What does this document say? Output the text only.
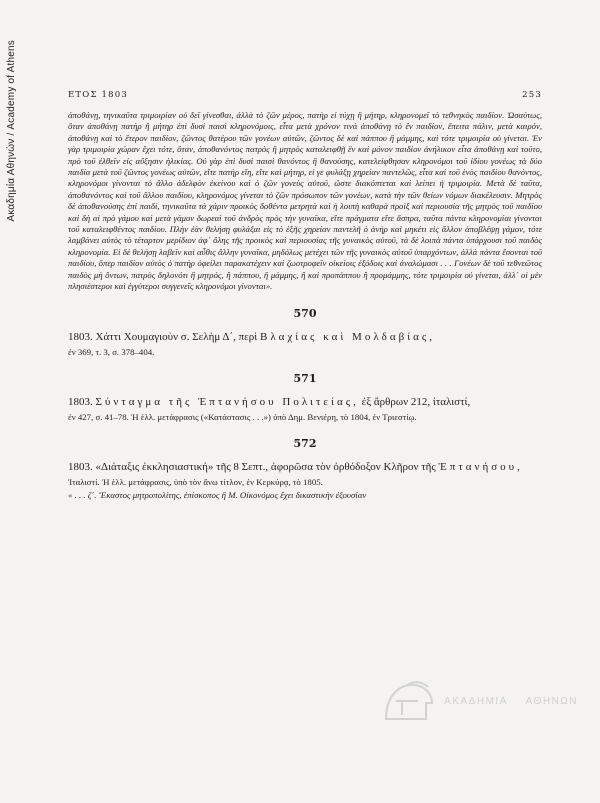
Ακαδημία Αθηνών / Academy of Athens	ΕΤΟΣ 1803	253

ἀποθάνῃ, τηνικαῦτα τριμοιρίαν οὐ δεῖ γίνεσθαι, ἀλλὰ τὸ ζῶν μέρος, πατὴρ εἰ τύχῃ ἢ μήτηρ, κληρονομεῖ τὸ τεθνηκὸς παιδίον. Ὡσαύτως, ὅταν ἀποθάνῃ πατὴρ ἢ μήτηρ ἐπὶ δυσὶ παισὶ κληρονόμοις, εἶτα μετὰ χρόνον τινὰ ἀποθάνῃ τὸ ἓν παιδίον, ἔπειτα πάλιν, μετὰ καιρόν, ἀποθάνῃ καὶ τὸ ἕτερον παιδίον, ζῶντος θατέρου τῶν γονέων αὐτῶν, ζῶντος δὲ καὶ πάππου ἢ μάμμης, καὶ τότε τριμοιρία οὐ γίνεται. Ἐν γὰρ τριμοιρία χώραν ἔχει τότε, ὅταν, ἀποθανόντος πατρὸς ἢ μητρὸς καταλειφθῇ ἓν καὶ μόνον παιδίον ἀνήλικον εἶτα ἀποθάνῃ καὶ τοῦτο, πρὸ τοῦ ἐλθεῖν εἰς αὔξησιν ἡλικίας. Οὐ γὰρ ἐπὶ δυσὶ παισὶ θανόντος ἢ θανούσης, κατελείφθησαν κληρονόμοι τοῦ ἰδίου γονέως τὰ δύο παιδία μετὰ τοῦ ζῶντος γονέως αὐτῶν, εἴτε πατὴρ εἴη, εἴτε καὶ μήτηρ, εἰ γε φυλάξῃ χηρείαν παντελῶς, εἶτα καὶ τοῦ ἑνὸς παιδίου θανόντος, κληρονόμοι γίνονται τὸ ἄλλο ἀδελφὸν ἐκείνου καὶ ὁ ζῶν γονεὺς αὐτοῦ, ὥστε διακόπτεται καὶ λείπει ἡ τριμοιρία. Μετὰ δὲ ταῦτα, ἀποθανόντος καὶ τοῦ ἄλλου παιδίου, κληρονόμος γίνεται τὸ ζῶν πρόσωπον τῶν γονέων, κατὰ τὴν τῶν θείων νόμων διακέλευσιν. Μητρὸς δὲ ἀποθανούσης ἐπὶ παιδί, τηνικαῦτα τὰ χάριν προικὸς δοθέντα μετρητὰ καὶ ἡ λοιπὴ καθαρὰ προὶξ καὶ περιουσία τῆς μητρὸς τοῦ παιδίου καὶ δὴ αἱ πρὸ γάμου καὶ μετὰ γάμον δωρεαὶ τοῦ ἀνδρὸς πρὸς τὴν γυναῖκα, εἴτε πράγματα εἴτε ἄσπρα, ταῦτα πάντα κληρονομίαι γίνονται τοῦ καταλειφθέντος παιδίου. Πλὴν ἐὰν θελήσῃ φυλάξαι εἰς τὸ ἑξῆς χηρείαν παντελῆ ὁ ἀνὴρ καὶ μηκέτι εἰς ἄλλον ἀποβλέψῃ γάμον, τότε λαμβάνει αὐτὸς τὸ τέταρτον μερίδιον ἀφ᾽ ὅλης τῆς προικὸς καὶ περιουσίας τῆς γυναικὸς αὐτοῦ, τὰ δὲ λοιπὰ πάντα ὑπάρχουσι τοῦ παιδὸς κληρονομία. Εἰ δὲ θελήσῃ λαβεῖν καὶ αὖθις ἄλλην γυναῖκα, μηδόλως μετέχει τῶν τῆς γυναικὸς αὐτοῦ ὑπαρχόντων, ἀλλὰ πάντα ἔσονται τοῦ παιδίου, ὅπερ παιδίον αὐτὸς ὁ πατὴρ ὀφείλει παρακατέχειν καὶ ζωοτροφεῖν οἰκείοις ἐξόδοις καὶ ἀναλώμασι . . . Γονέων δὲ τοῦ τεθνεῶτος παιδὸς μὴ ὄντων, πατρὸς δηλονότι ἢ μητρός, ἢ πάππου, ἢ μάμμης, ἢ καὶ προπάππου ἢ προμάμμης, τότε τριμοιρία οὐ γίνεται, ἀλλ᾽ οἱ μὲν πλησιέστεροι καὶ ἐγγύτεροι συγγενεῖς κληρονόμοι γίνονται».

570

1803. Χάττι Χουμαγιοὺν σ. Σελὴμ Δ΄, περὶ Βλαχίας καὶ Μολδαβίας,

ἐν 369, τ. 3, σ. 378–404.

571

1803. Σύνταγμα τῆς Ἑπτανήσου Πολιτείας, ἐξ ἄρθρων 212, ἰταλιστί,

ἐν 427, σ. 41–78. Ἡ ἑλλ. μετάφρασις («Κατάστασις . . .») ὑπὸ Δημ. Βενιέρη, τὸ 1804, ἐν Τριεστίῳ.

572

1803. «Διάταξις ἐκκλησιαστική» τῆς 8 Σεπτ., ἀφορῶσα τὸν ὀρθόδοξον Κλῆρον τῆς Ἑπτανήσου,

Ἰταλιστί. Ἡ ἑλλ. μετάφρασις, ὑπὸ τὸν ἄνω τίτλον, ἐν Κερκύρᾳ, τὸ 1805.

« . . . ζ΄. Ἕκαστος μητροπολίτης, ἐπίσκοπος ἢ Μ. Οἰκονόμος ἔχει δικαστικὴν ἐξουσίαν

ΑΚΑΔΗΜΙΑ ΑΘΗΝΩΝ
